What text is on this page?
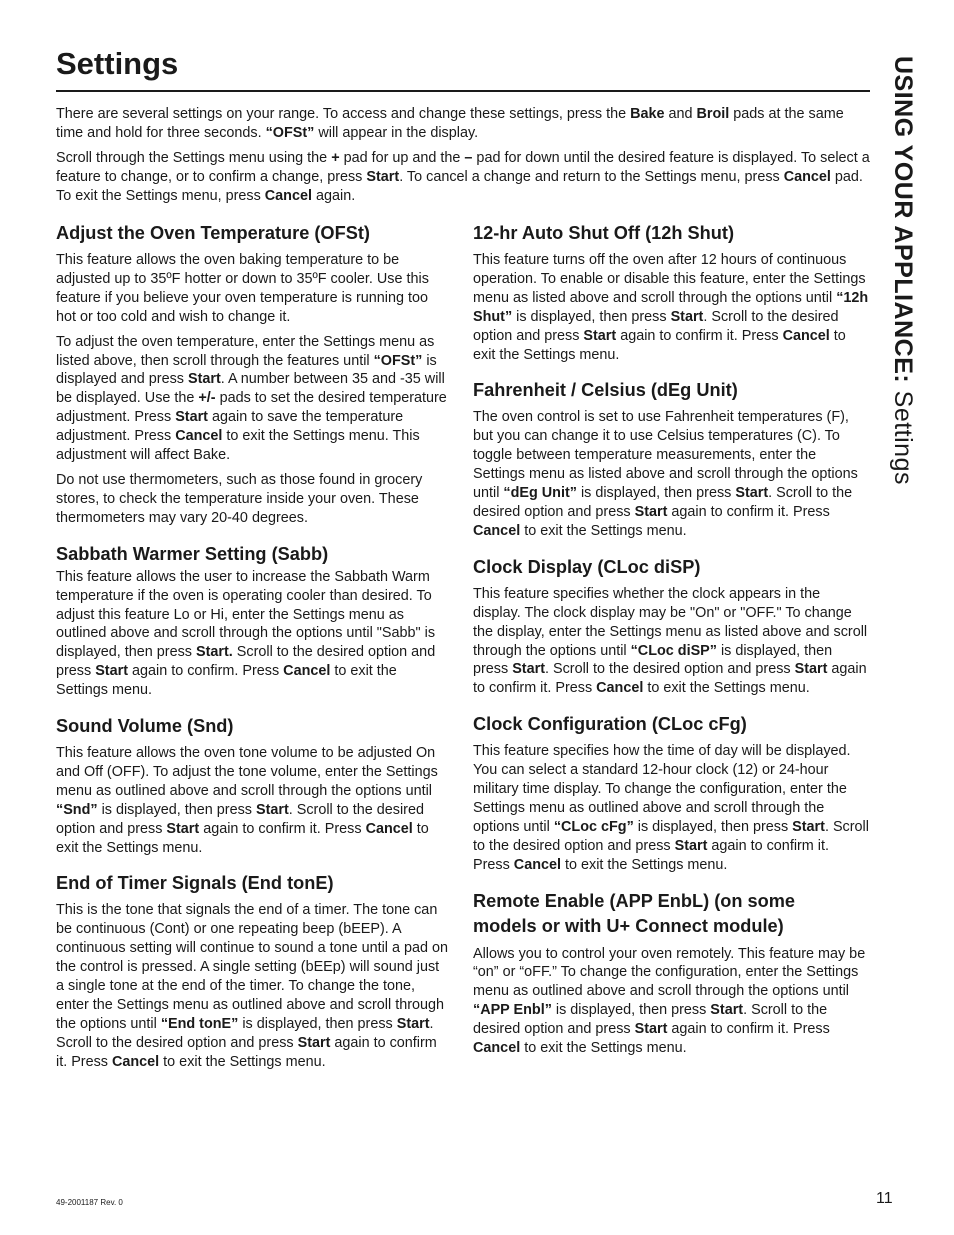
Settings	USING YOUR APPLIANCE: Settings

There are several settings on your range. To access and change these settings, press the Bake and Broil pads at the same time and hold for three seconds. “OFSt” will appear in the display.

Scroll through the Settings menu using the + pad for up and the – pad for down until the desired feature is displayed. To select a feature to change, or to confirm a change, press Start. To cancel a change and return to the Settings menu, press Cancel pad. To exit the Settings menu, press Cancel again.

Adjust the Oven Temperature (OFSt)

This feature allows the oven baking temperature to be adjusted up to 35ºF hotter or down to 35ºF cooler. Use this feature if you believe your oven temperature is running too hot or too cold and wish to change it.

To adjust the oven temperature, enter the Settings menu as listed above, then scroll through the features until “OFSt” is displayed and press Start. A number between 35 and -35 will be displayed. Use the +/- pads to set the desired temperature adjustment. Press Start again to save the temperature adjustment. Press Cancel to exit the Settings menu. This adjustment will affect Bake.

Do not use thermometers, such as those found in grocery stores, to check the temperature inside your oven. These thermometers may vary 20-40 degrees.

Sabbath Warmer Setting (Sabb)

This feature allows the user to increase the Sabbath Warm temperature if the oven is operating cooler than desired. To adjust this feature Lo or Hi, enter the Settings menu as outlined above and scroll through the options until "Sabb" is displayed, then press Start. Scroll to the desired option and press Start again to confirm. Press Cancel to exit the Settings menu.

Sound Volume (Snd)

This feature allows the oven tone volume to be adjusted On and Off (OFF). To adjust the tone volume, enter the Settings menu as outlined above and scroll through the options until “Snd” is displayed, then press Start. Scroll to the desired option and press Start again to confirm it. Press Cancel to exit the Settings menu.

End of Timer Signals (End tonE)

This is the tone that signals the end of a timer. The tone can be continuous (Cont) or one repeating beep (bEEP). A continuous setting will continue to sound a tone until a pad on the control is pressed. A single setting (bEEp) will sound just a single tone at the end of the timer. To change the tone, enter the Settings menu as outlined above and scroll through the options until “End tonE” is displayed, then press Start. Scroll to the desired option and press Start again to confirm it. Press Cancel to exit the Settings menu.

12-hr Auto Shut Off (12h Shut)

This feature turns off the oven after 12 hours of continuous operation. To enable or disable this feature, enter the Settings menu as listed above and scroll through the options until “12h Shut” is displayed, then press Start. Scroll to the desired option and press Start again to confirm it. Press Cancel to exit the Settings menu.

Fahrenheit / Celsius (dEg Unit)

The oven control is set to use Fahrenheit temperatures (F), but you can change it to use Celsius temperatures (C). To toggle between temperature measurements, enter the Settings menu as listed above and scroll through the options until “dEg Unit” is displayed, then press Start. Scroll to the desired option and press Start again to confirm it. Press Cancel to exit the Settings menu.

Clock Display (CLoc diSP)

This feature specifies whether the clock appears in the display. The clock display may be "On" or "OFF." To change the display, enter the Settings menu as listed above and scroll through the options until “CLoc diSP” is displayed, then press Start. Scroll to the desired option and press Start again to confirm it. Press Cancel to exit the Settings menu.

Clock Configuration (CLoc cFg)

This feature specifies how the time of day will be displayed. You can select a standard 12-hour clock (12) or 24-hour military time display. To change the configuration, enter the Settings menu as outlined above and scroll through the options until “CLoc cFg” is displayed, then press Start. Scroll to the desired option and press Start again to confirm it. Press Cancel to exit the Settings menu.

Remote Enable (APP EnbL) (on some models or with U+ Connect module)

Allows you to control your oven remotely. This feature may be “on” or “oFF.” To change the configuration, enter the Settings menu as outlined above and scroll through the options until “APP Enbl” is displayed, then press Start. Scroll to the desired option and press Start again to confirm it. Press Cancel to exit the Settings menu.

49-2001187 Rev. 0	11
